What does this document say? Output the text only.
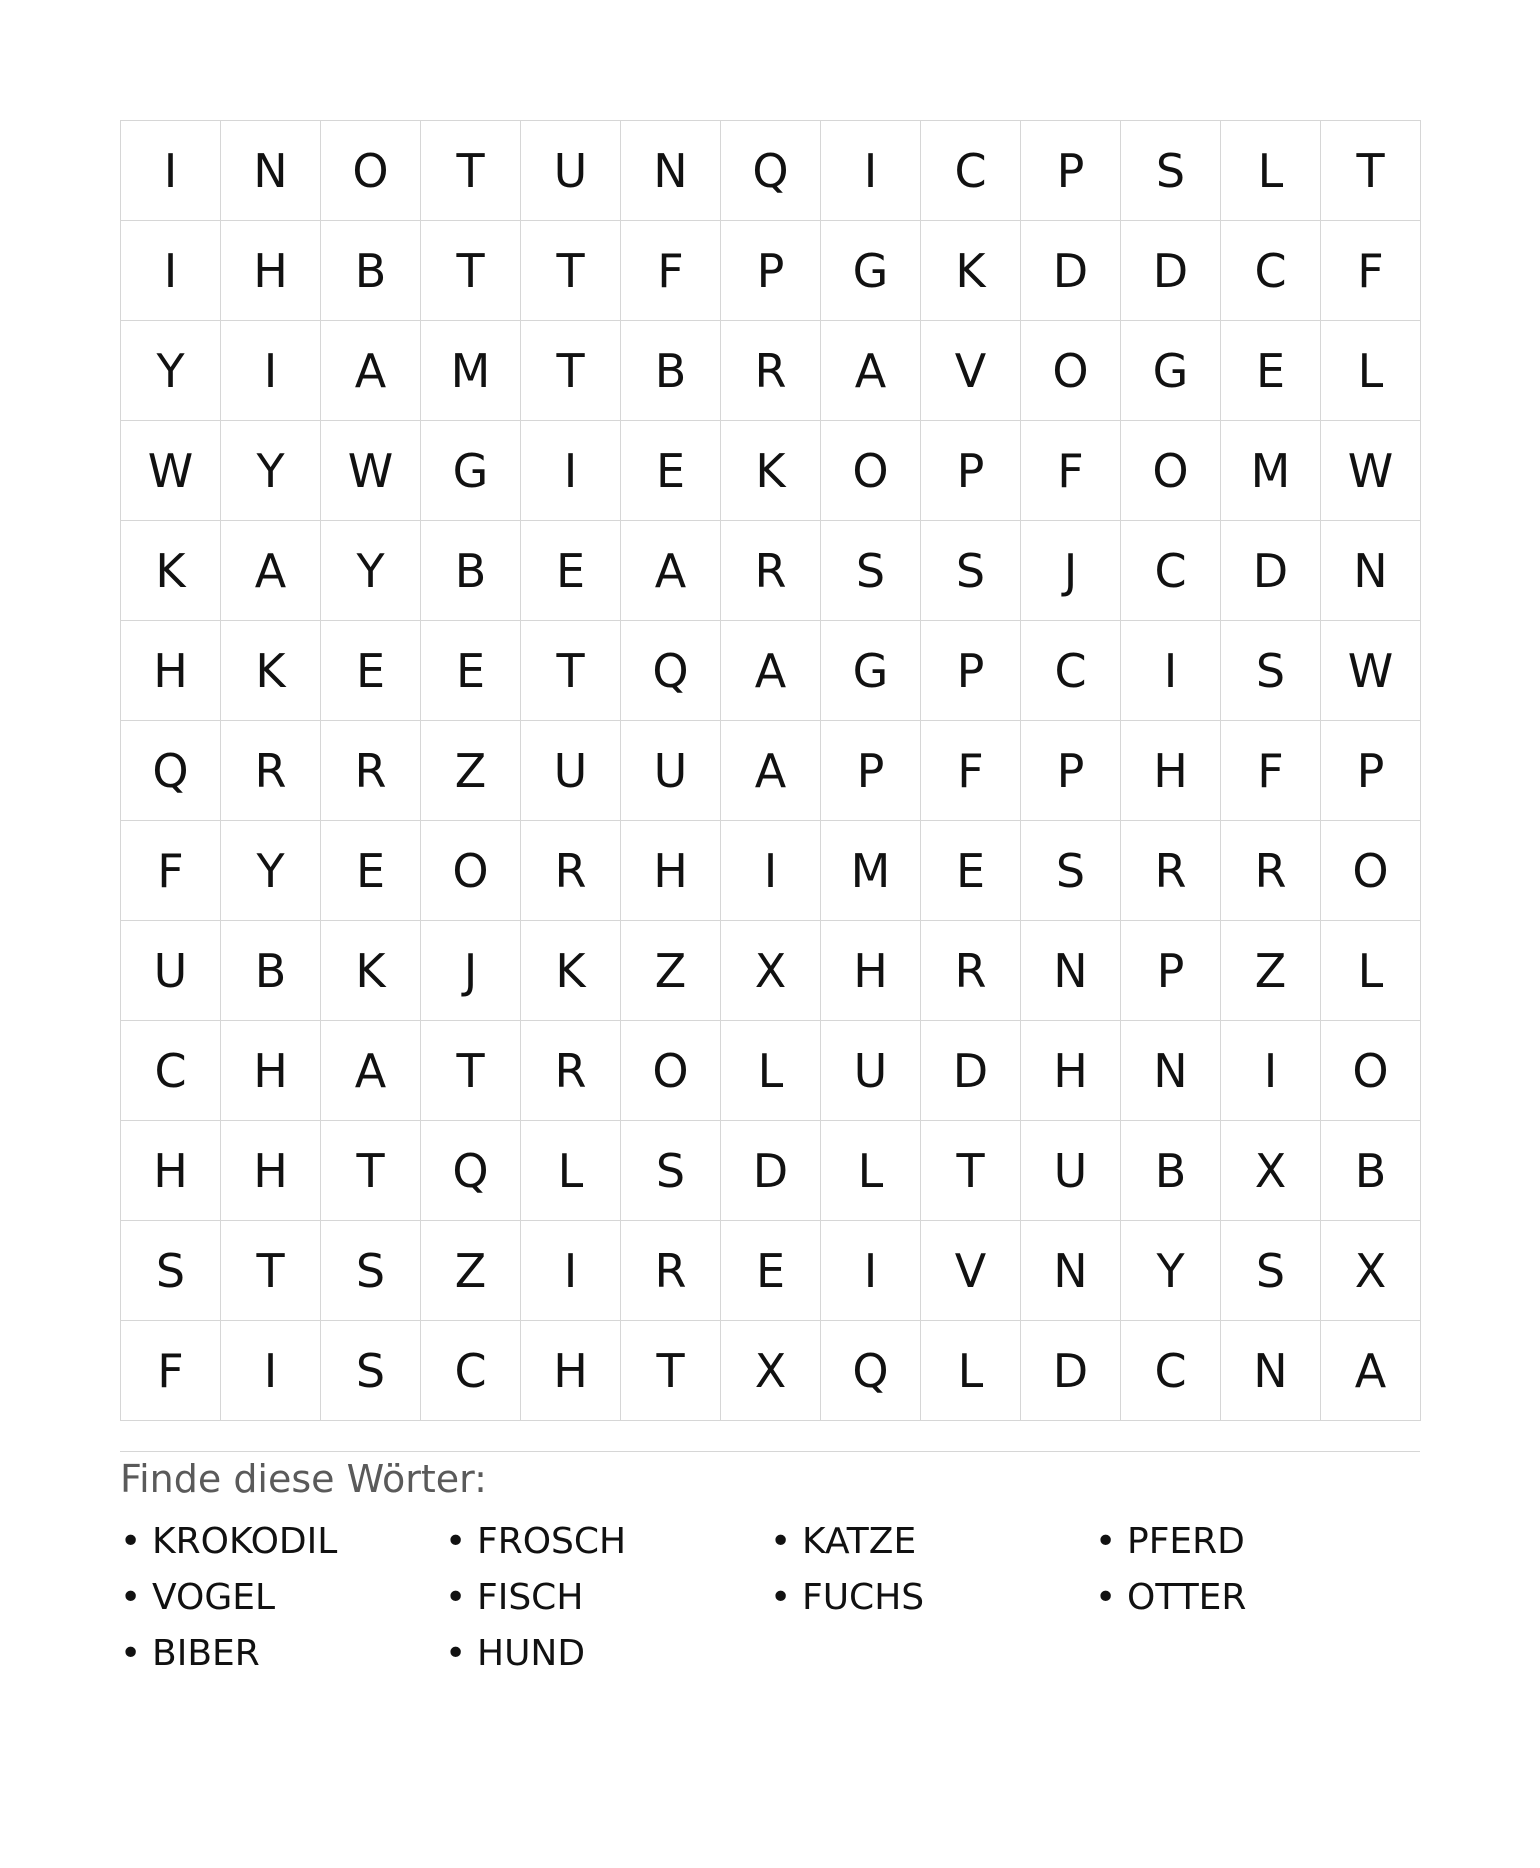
I	N	O	T	U	N	Q	I	C	P	S	L	T
I	H	B	T	T	F	P	G	K	D	D	C	F
Y	I	A	M	T	B	R	A	V	O	G	E	L
W	Y	W	G	I	E	K	O	P	F	O	M	W
K	A	Y	B	E	A	R	S	S	J	C	D	N
H	K	E	E	T	Q	A	G	P	C	I	S	W
Q	R	R	Z	U	U	A	P	F	P	H	F	P
F	Y	E	O	R	H	I	M	E	S	R	R	O
U	B	K	J	K	Z	X	H	R	N	P	Z	L
C	H	A	T	R	O	L	U	D	H	N	I	O
H	H	T	Q	L	S	D	L	T	U	B	X	B
S	T	S	Z	I	R	E	I	V	N	Y	S	X
F	I	S	C	H	T	X	Q	L	D	C	N	A
Finde diese Wörter:
• KROKODIL	• FROSCH	• KATZE	• PFERD
• VOGEL	• FISCH	• FUCHS	• OTTER
• BIBER	• HUND
